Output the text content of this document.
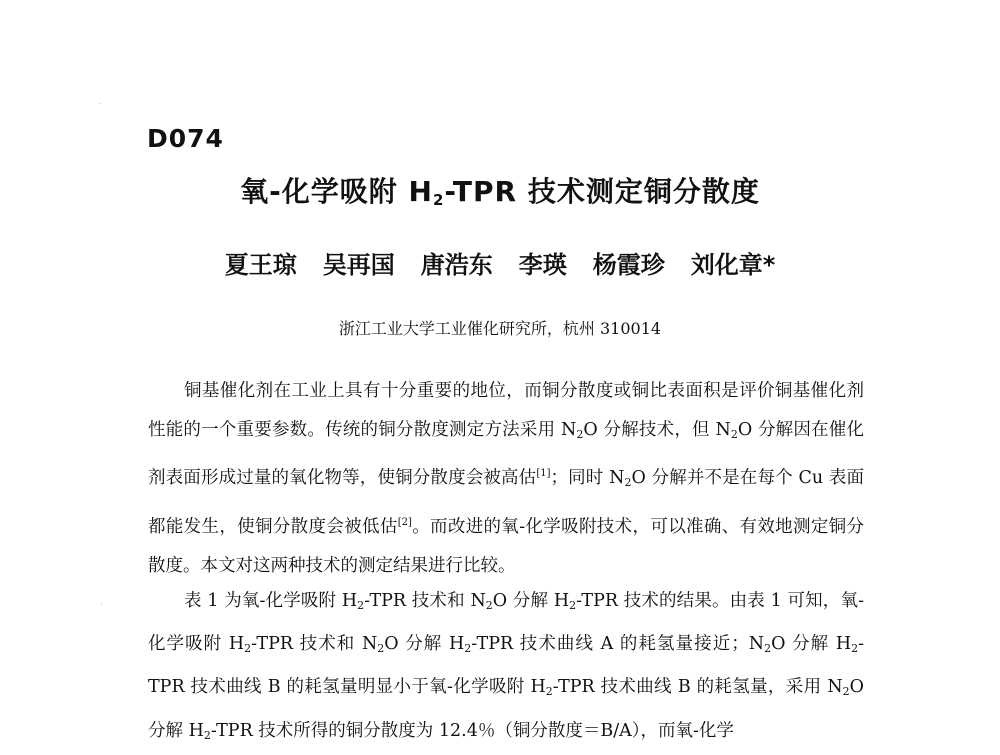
D074
氧-化学吸附 $H_2$-TPR 技术测定铜分散度
夏王琼 吴再国 唐浩东 李瑛 杨霞珍 刘化章*
浙江工业大学工业催化研究所，杭州 310014

铜基催化剂在工业上具有十分重要的地位，而铜分散度或铜比表面积是评价铜基催化剂性能的一个重要参数。传统的铜分散度测定方法采用 $N_2O$ 分解技术，但 $N_2O$ 分解因在催化剂表面形成过量的氧化物等，使铜分散度会被高估[1]；同时 $N_2O$ 分解并不是在每个 Cu 表面都能发生，使铜分散度会被低估[2]。而改进的氧-化学吸附技术，可以准确、有效地测定铜分散度。本文对这两种技术的测定结果进行比较。

表 1 为氧-化学吸附 $H_2$-TPR 技术和 $N_2O$ 分解 $H_2$-TPR 技术的结果。由表 1 可知，氧-化学吸附 $H_2$-TPR 技术和 $N_2O$ 分解 $H_2$-TPR 技术曲线 A 的耗氢量接近；$N_2O$ 分解 $H_2$-TPR 技术曲线 B 的耗氢量明显小于氧-化学吸附 $H_2$-TPR 技术曲线 B 的耗氢量，采用 $N_2O$ 分解 $H_2$-TPR 技术所得的铜分散度为 12.4％（铜分散度＝B/A），而氧-化学
